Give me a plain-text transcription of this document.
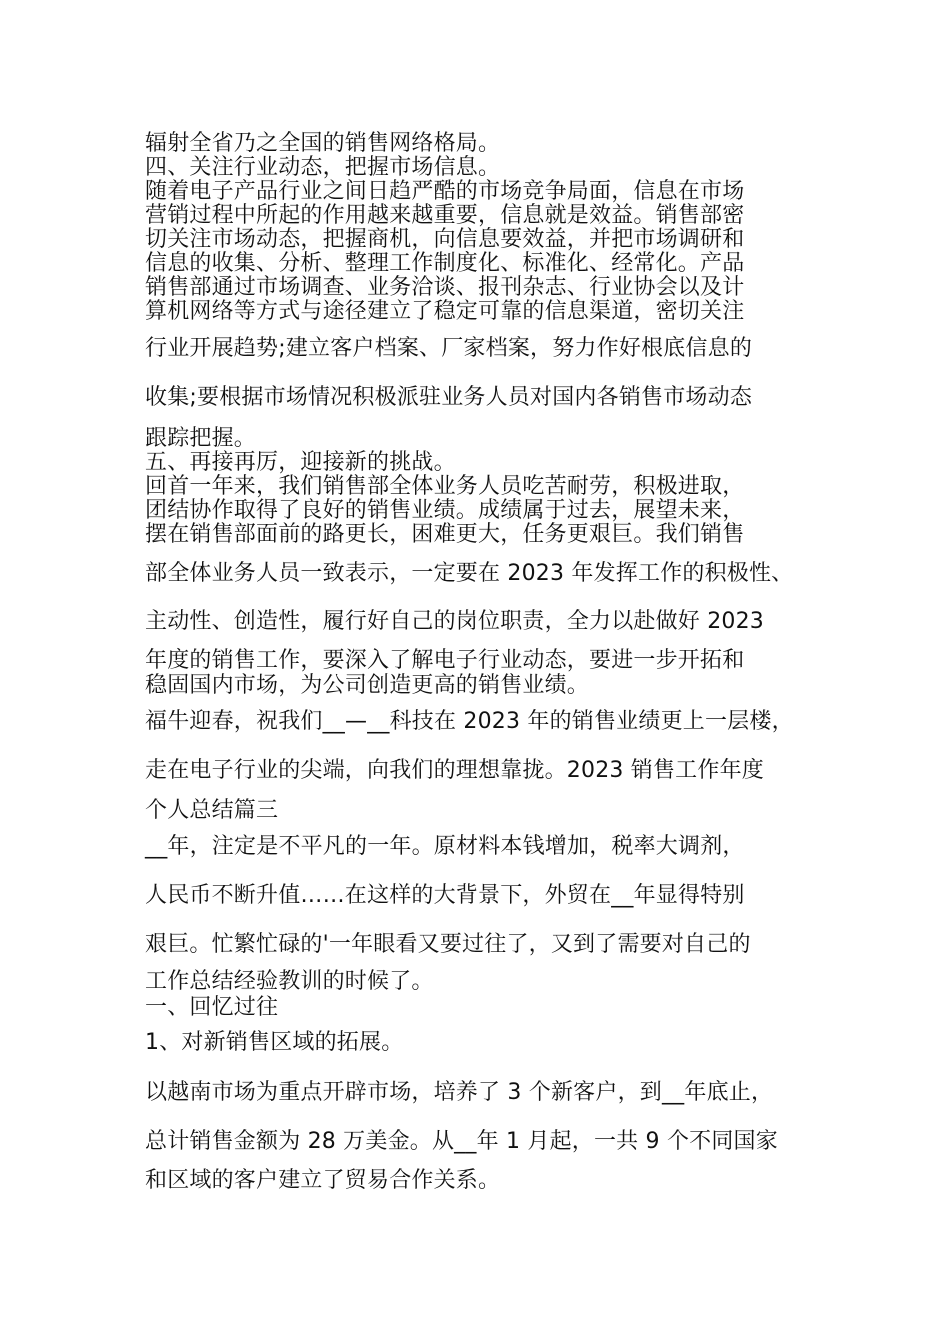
辐射全省乃之全国的销售网络格局。

四、关注行业动态，把握市场信息。

随着电子产品行业之间日趋严酷的市场竞争局面，信息在市场

营销过程中所起的作用越来越重要，信息就是效益。销售部密

切关注市场动态，把握商机，向信息要效益，并把市场调研和

信息的收集、分析、整理工作制度化、标准化、经常化。产品

销售部通过市场调查、业务洽谈、报刊杂志、行业协会以及计

算机网络等方式与途径建立了稳定可靠的信息渠道，密切关注

行业开展趋势;建立客户档案、厂家档案，努力作好根底信息的

收集;要根据市场情况积极派驻业务人员对国内各销售市场动态

跟踪把握。

五、再接再厉，迎接新的挑战。

回首一年来，我们销售部全体业务人员吃苦耐劳，积极进取，

团结协作取得了良好的销售业绩。成绩属于过去，展望未来，

摆在销售部面前的路更长，困难更大，任务更艰巨。我们销售

部全体业务人员一致表示，一定要在 2023 年发挥工作的积极性、

主动性、创造性，履行好自己的岗位职责，全力以赴做好 2023

年度的销售工作，要深入了解电子行业动态，要进一步开拓和

稳固国内市场，为公司创造更高的销售业绩。

福牛迎春，祝我们__—__科技在 2023 年的销售业绩更上一层楼，

走在电子行业的尖端，向我们的理想靠拢。2023 销售工作年度

个人总结篇三

__年，注定是不平凡的一年。原材料本钱增加，税率大调剂，

人民币不断升值……在这样的大背景下，外贸在__年显得特别

艰巨。忙繁忙碌的'一年眼看又要过往了，又到了需要对自己的

工作总结经验教训的时候了。

一、回忆过往

1、对新销售区域的拓展。

以越南市场为重点开辟市场，培养了 3 个新客户，到__年底止，

总计销售金额为 28 万美金。从__年 1 月起，一共 9 个不同国家

和区域的客户建立了贸易合作关系。
